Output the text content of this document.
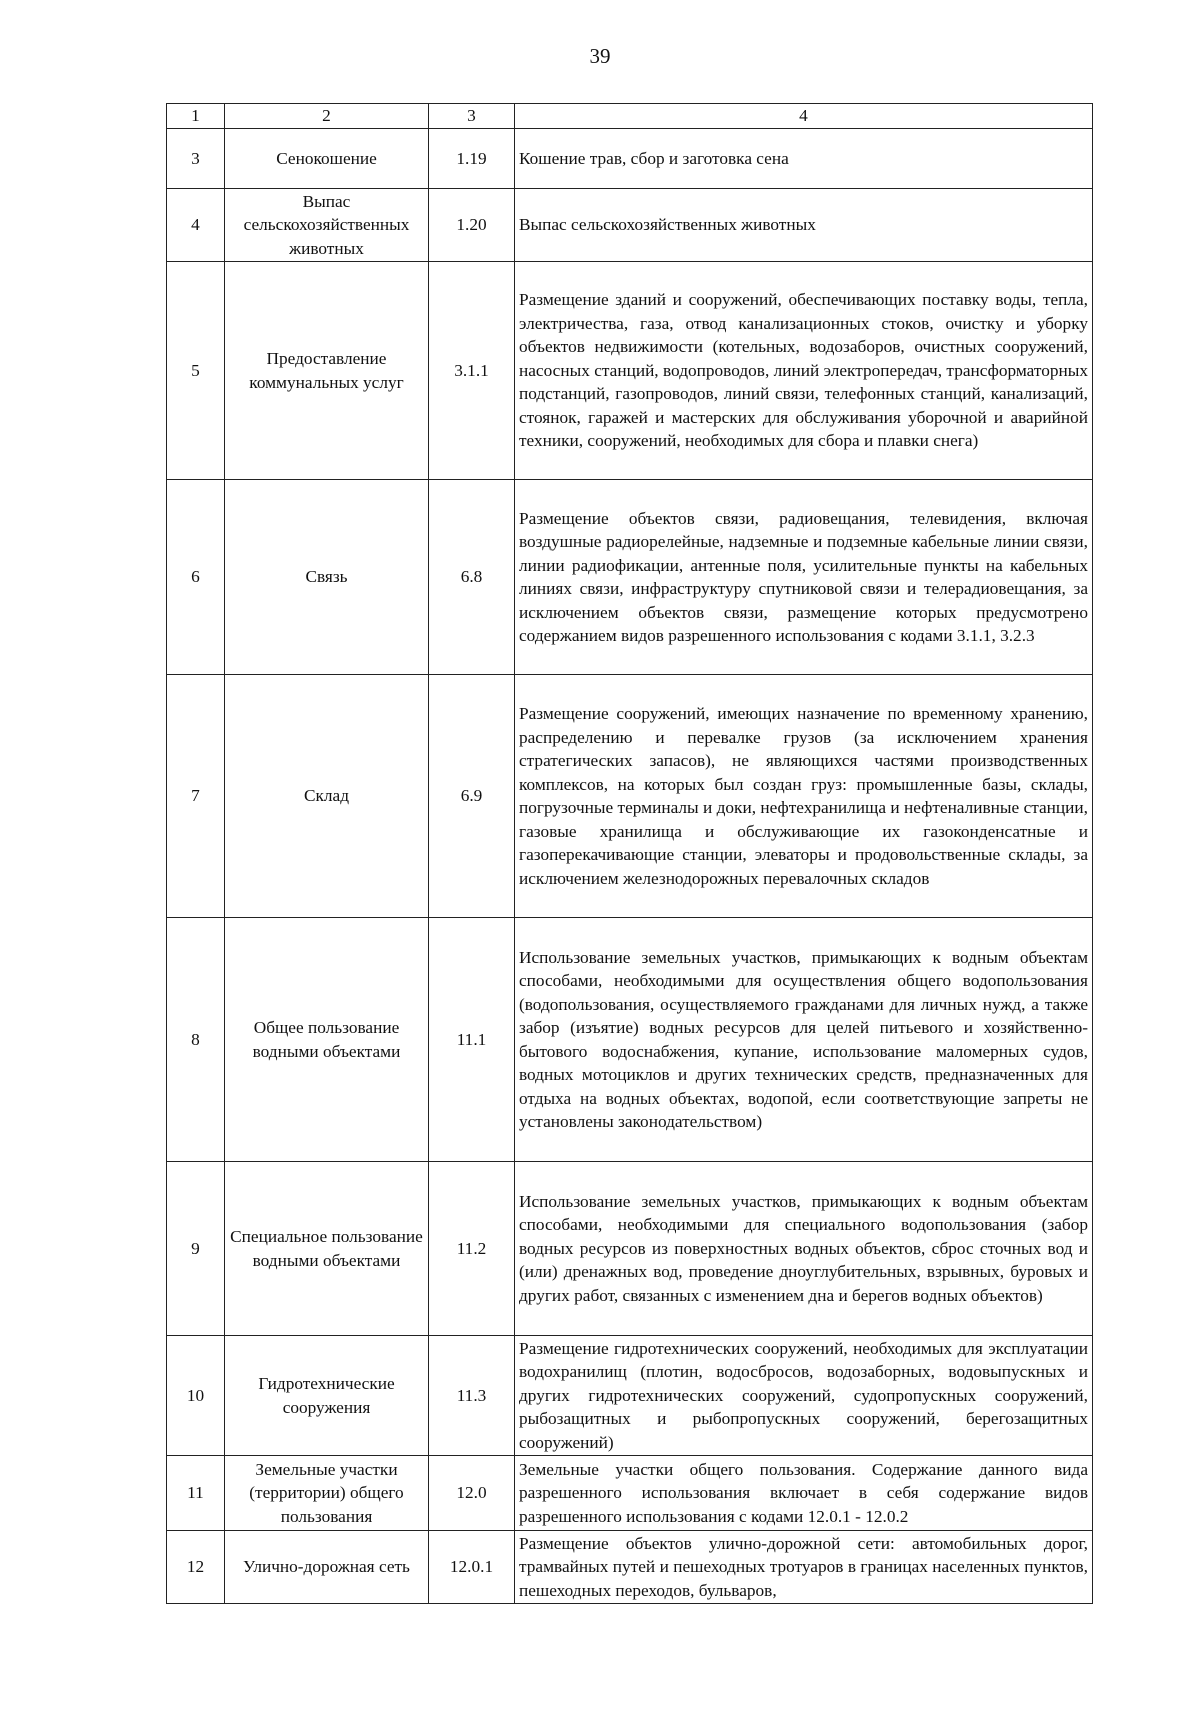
39
1	2	3	4
3	Сенокошение	1.19	Кошение трав, сбор и заготовка сена
4	Выпас сельскохозяйственных животных	1.20	Выпас сельскохозяйственных животных
5	Предоставление коммунальных услуг	3.1.1	Размещение зданий и сооружений, обеспечивающих поставку воды, тепла, электричества, газа, отвод канализационных стоков, очистку и уборку объектов недвижимости (котельных, водозаборов, очистных сооружений, насосных станций, водопроводов, линий электропередач, трансформаторных подстанций, газопроводов, линий связи, телефонных станций, канализаций, стоянок, гаражей и мастерских для обслуживания уборочной и аварийной техники, сооружений, необходимых для сбора и плавки снега)
6	Связь	6.8	Размещение объектов связи, радиовещания, телевидения, включая воздушные радиорелейные, надземные и подземные кабельные линии связи, линии радиофикации, антенные поля, усилительные пункты на кабельных линиях связи, инфраструктуру спутниковой связи и телерадиовещания, за исключением объектов связи, размещение которых предусмотрено содержанием видов разрешенного использования с кодами 3.1.1, 3.2.3
7	Склад	6.9	Размещение сооружений, имеющих назначение по временному хранению, распределению и перевалке грузов (за исключением хранения стратегических запасов), не являющихся частями производственных комплексов, на которых был создан груз: промышленные базы, склады, погрузочные терминалы и доки, нефтехранилища и нефтеналивные станции, газовые хранилища и обслуживающие их газоконденсатные и газоперекачивающие станции, элеваторы и продовольственные склады, за исключением железнодорожных перевалочных складов
8	Общее пользование водными объектами	11.1	Использование земельных участков, примыкающих к водным объектам способами, необходимыми для осуществления общего водопользования (водопользования, осуществляемого гражданами для личных нужд, а также забор (изъятие) водных ресурсов для целей питьевого и хозяйственно-бытового водоснабжения, купание, использование маломерных судов, водных мотоциклов и других технических средств, предназначенных для отдыха на водных объектах, водопой, если соответствующие запреты не установлены законодательством)
9	Специальное пользование водными объектами	11.2	Использование земельных участков, примыкающих к водным объектам способами, необходимыми для специального водопользования (забор водных ресурсов из поверхностных водных объектов, сброс сточных вод и (или) дренажных вод, проведение дноуглубительных, взрывных, буровых и других работ, связанных с изменением дна и берегов водных объектов)
10	Гидротехнические сооружения	11.3	Размещение гидротехнических сооружений, необходимых для эксплуатации водохранилищ (плотин, водосбросов, водозаборных, водовыпускных и других гидротехнических сооружений, судопропускных сооружений, рыбозащитных и рыбопропускных сооружений, берегозащитных сооружений)
11	Земельные участки (территории) общего пользования	12.0	Земельные участки общего пользования. Содержание данного вида разрешенного использования включает в себя содержание видов разрешенного использования с кодами 12.0.1 - 12.0.2
12	Улично-дорожная сеть	12.0.1	Размещение объектов улично-дорожной сети: автомобильных дорог, трамвайных путей и пешеходных тротуаров в границах населенных пунктов, пешеходных переходов, бульваров,
